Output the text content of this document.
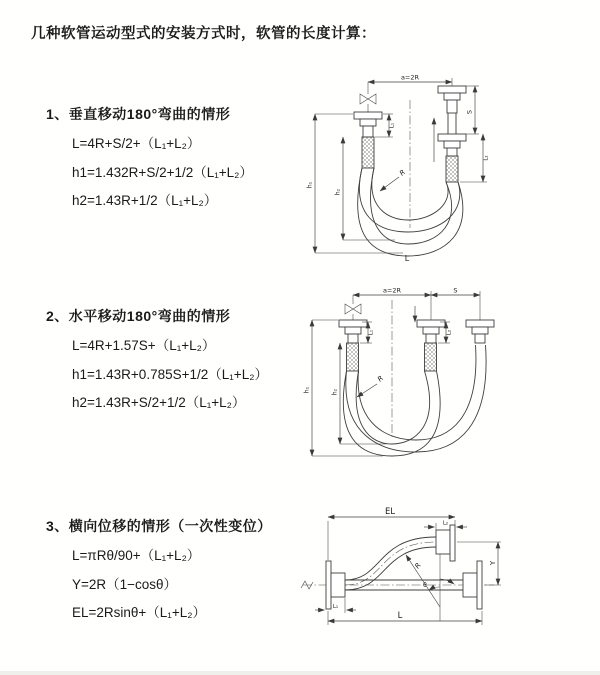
几种软管运动型式的安装方式时，软管的长度计算：
1、垂直移动180°弯曲的情形
L=4R+S/2+（L₁+L₂）
h1=1.432R+S/2+1/2（L₁+L₂）
h2=1.43R+1/2（L₁+L₂）
a=2R
S
L₂
h₁
h₂
L₁
R
L
2、水平移动180°弯曲的情形
L=4R+1.57S+（L₁+L₂）
h1=1.43R+0.785S+1/2（L₁+L₂）
h2=1.43R+S/2+1/2（L₁+L₂）
a=2R	S
h₁	h₂
L₁	L₂
R
3、横向位移的情形（一次性变位）
L=πRθ/90+（L₁+L₂）
Y=2R（1−cosθ）
EL=2Rsinθ+（L₁+L₂）
EL
L₂
Y
R
θ
L
L₁
